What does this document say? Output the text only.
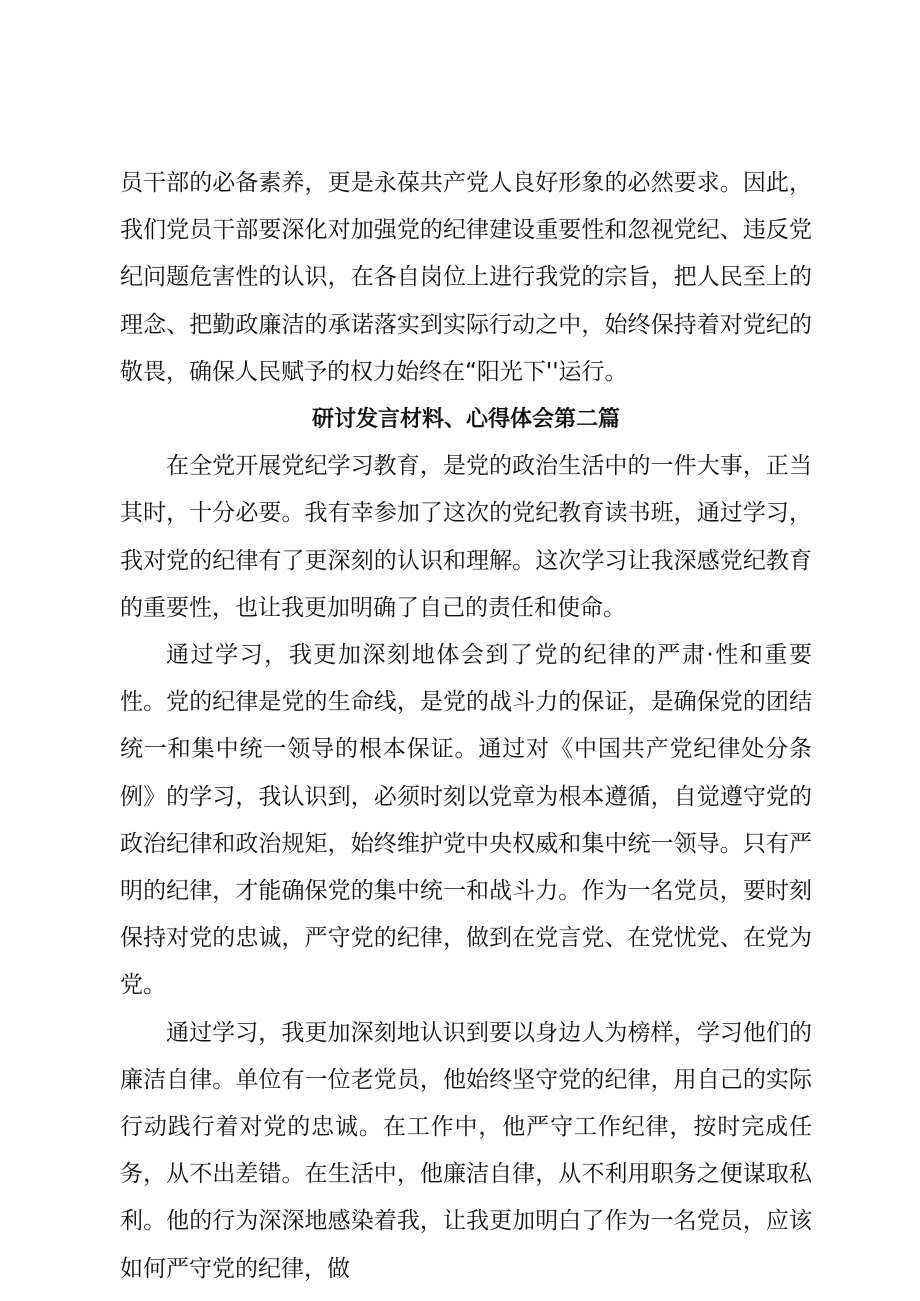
员干部的必备素养，更是永葆共产党人良好形象的必然要求。因此，我们党员干部要深化对加强党的纪律建设重要性和忽视党纪、违反党纪问题危害性的认识，在各自岗位上进行我党的宗旨，把人民至上的理念、把勤政廉洁的承诺落实到实际行动之中，始终保持着对党纪的敬畏，确保人民赋予的权力始终在“阳光下''运行。

研讨发言材料、心得体会第二篇

在全党开展党纪学习教育，是党的政治生活中的一件大事，正当其时，十分必要。我有幸参加了这次的党纪教育读书班，通过学习，我对党的纪律有了更深刻的认识和理解。这次学习让我深感党纪教育的重要性，也让我更加明确了自己的责任和使命。

通过学习，我更加深刻地体会到了党的纪律的严肃·性和重要性。党的纪律是党的生命线，是党的战斗力的保证，是确保党的团结统一和集中统一领导的根本保证。通过对《中国共产党纪律处分条例》的学习，我认识到，必须时刻以党章为根本遵循，自觉遵守党的政治纪律和政治规矩，始终维护党中央权威和集中统一领导。只有严明的纪律，才能确保党的集中统一和战斗力。作为一名党员，要时刻保持对党的忠诚，严守党的纪律，做到在党言党、在党忧党、在党为党。

通过学习，我更加深刻地认识到要以身边人为榜样，学习他们的廉洁自律。单位有一位老党员，他始终坚守党的纪律，用自己的实际行动践行着对党的忠诚。在工作中，他严守工作纪律，按时完成任务，从不出差错。在生活中，他廉洁自律，从不利用职务之便谋取私利。他的行为深深地感染着我，让我更加明白了作为一名党员，应该如何严守党的纪律，做
